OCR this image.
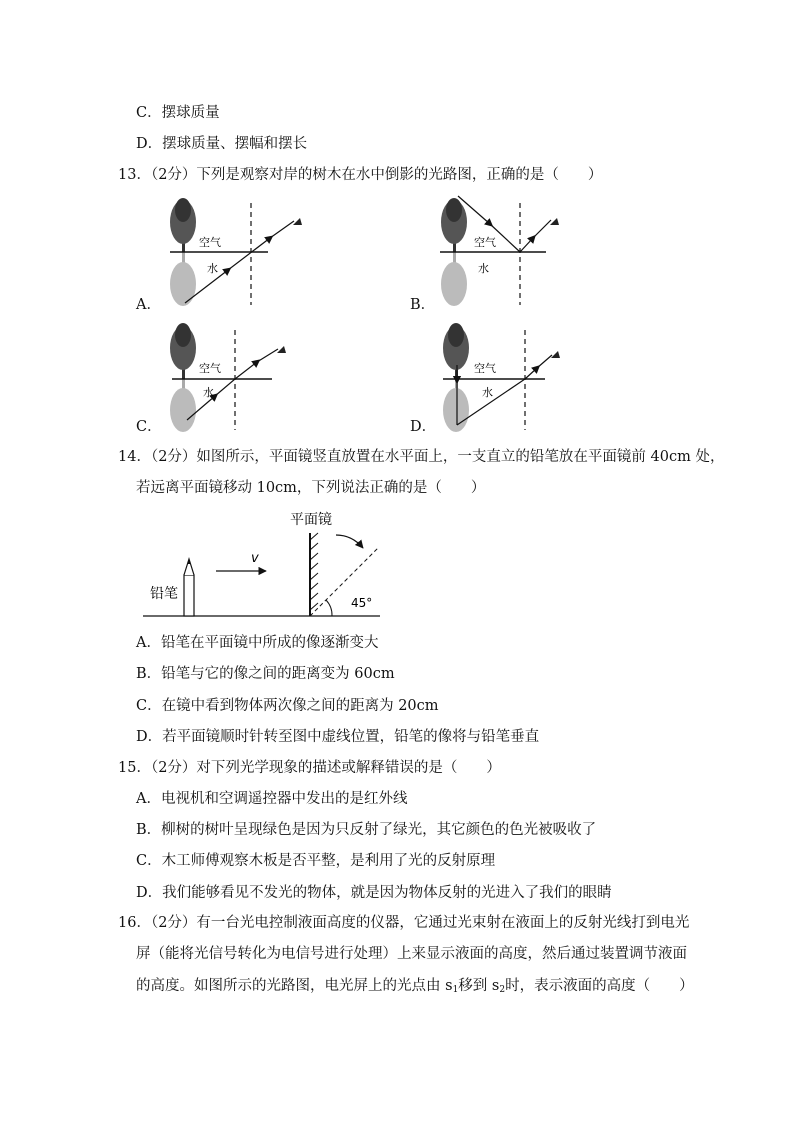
C．摆球质量
D．摆球质量、摆幅和摆长
13．（2分）下列是观察对岸的树木在水中倒影的光路图，正确的是（　　）
空气
水
空气
水
空气
水
空气
水
A．	B．
C．	D．
14．（2分）如图所示，平面镜竖直放置在水平面上，一支直立的铅笔放在平面镜前 40cm 处，
若远离平面镜移动 10cm，下列说法正确的是（　　）
平面镜
铅笔
v
45°
A．铅笔在平面镜中所成的像逐渐变大
B．铅笔与它的像之间的距离变为 60cm
C．在镜中看到物体两次像之间的距离为 20cm
D．若平面镜顺时针转至图中虚线位置，铅笔的像将与铅笔垂直
15．（2分）对下列光学现象的描述或解释错误的是（　　）
A．电视机和空调遥控器中发出的是红外线
B．柳树的树叶呈现绿色是因为只反射了绿光，其它颜色的色光被吸收了
C．木工师傅观察木板是否平整，是利用了光的反射原理
D．我们能够看见不发光的物体，就是因为物体反射的光进入了我们的眼睛
16．（2分）有一台光电控制液面高度的仪器，它通过光束射在液面上的反射光线打到电光
屏（能将光信号转化为电信号进行处理）上来显示液面的高度，然后通过装置调节液面
的高度。如图所示的光路图，电光屏上的光点由 $s_1$移到 $s_2$时，表示液面的高度（　　）
